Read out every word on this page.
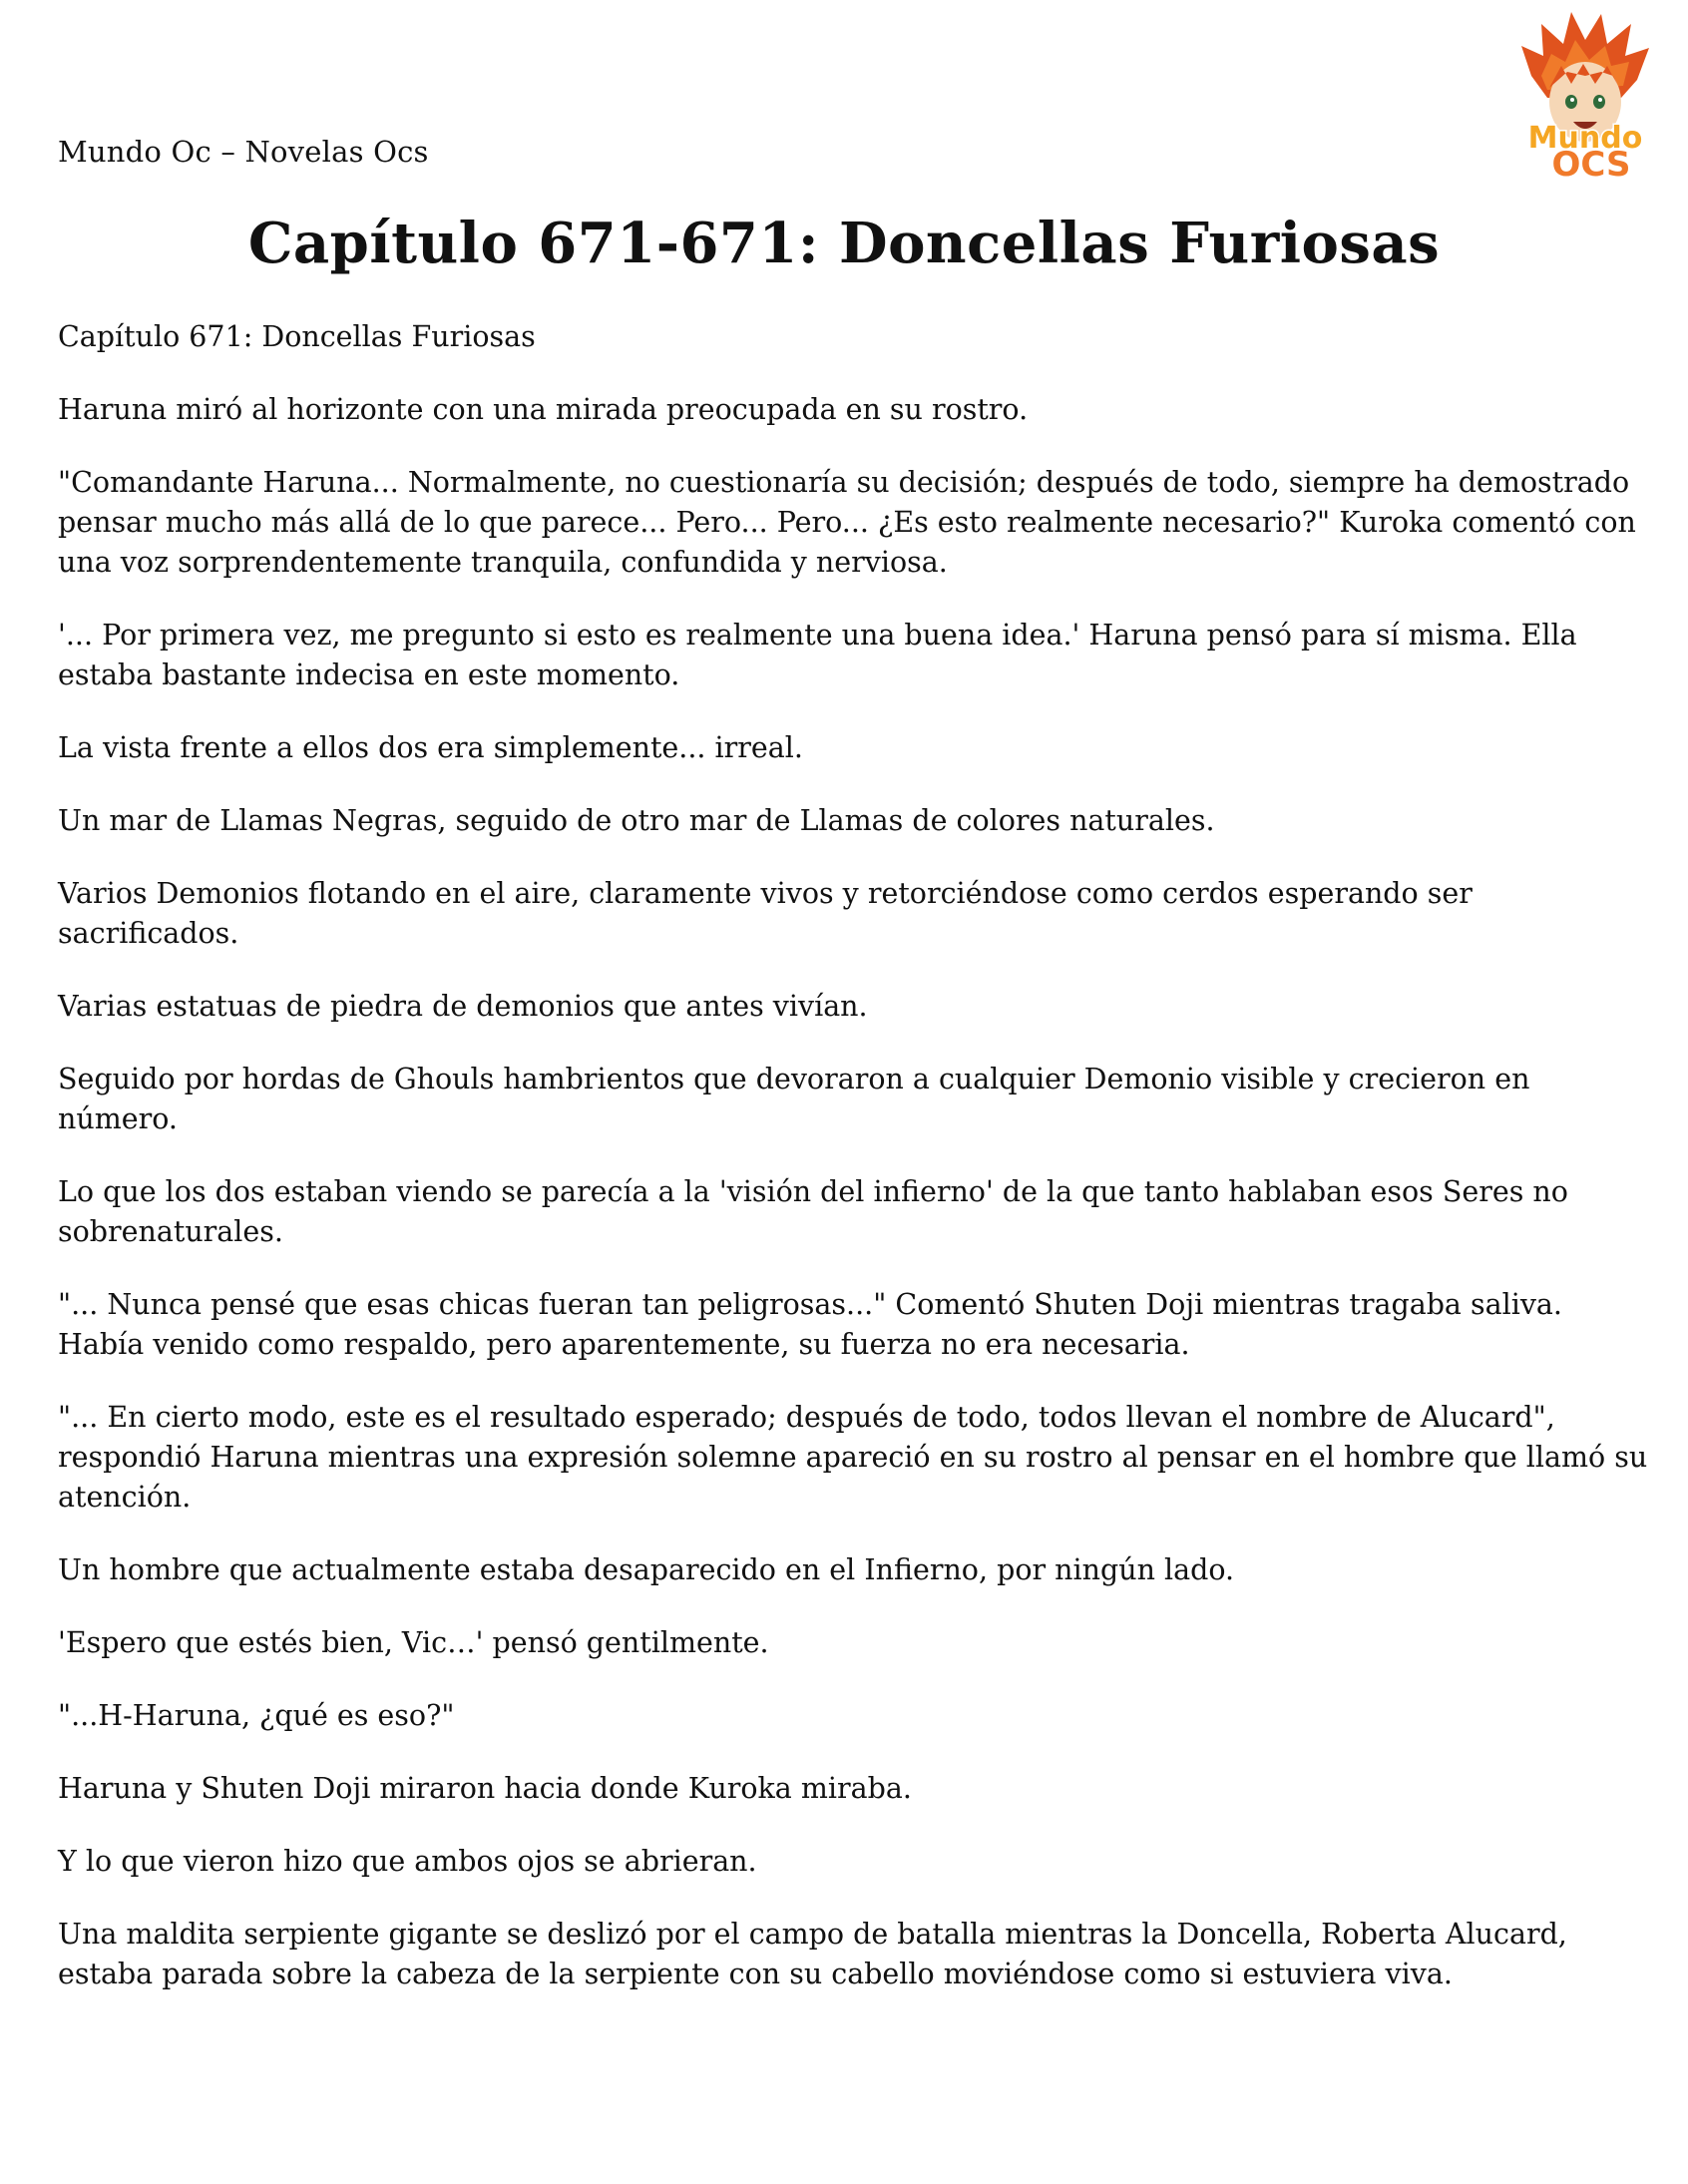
Mundo Oc – Novelas Ocs	Mundo
OCS
Capítulo 671-671: Doncellas Furiosas

Capítulo 671: Doncellas Furiosas

Haruna miró al horizonte con una mirada preocupada en su rostro.

"Comandante Haruna... Normalmente, no cuestionaría su decisión; después de todo, siempre ha demostrado pensar mucho más allá de lo que parece... Pero... Pero... ¿Es esto realmente necesario?" Kuroka comentó con una voz sorprendentemente tranquila, confundida y nerviosa.

'... Por primera vez, me pregunto si esto es realmente una buena idea.' Haruna pensó para sí misma. Ella estaba bastante indecisa en este momento.

La vista frente a ellos dos era simplemente... irreal.

Un mar de Llamas Negras, seguido de otro mar de Llamas de colores naturales.

Varios Demonios flotando en el aire, claramente vivos y retorciéndose como cerdos esperando ser sacrificados.

Varias estatuas de piedra de demonios que antes vivían.

Seguido por hordas de Ghouls hambrientos que devoraron a cualquier Demonio visible y crecieron en número.

Lo que los dos estaban viendo se parecía a la 'visión del infierno' de la que tanto hablaban esos Seres no sobrenaturales.

"... Nunca pensé que esas chicas fueran tan peligrosas..." Comentó Shuten Doji mientras tragaba saliva. Había venido como respaldo, pero aparentemente, su fuerza no era necesaria.

"... En cierto modo, este es el resultado esperado; después de todo, todos llevan el nombre de Alucard", respondió Haruna mientras una expresión solemne apareció en su rostro al pensar en el hombre que llamó su atención.

Un hombre que actualmente estaba desaparecido en el Infierno, por ningún lado.

'Espero que estés bien, Vic…' pensó gentilmente.

"...H-Haruna, ¿qué es eso?"

Haruna y Shuten Doji miraron hacia donde Kuroka miraba.

Y lo que vieron hizo que ambos ojos se abrieran.

Una maldita serpiente gigante se deslizó por el campo de batalla mientras la Doncella, Roberta Alucard, estaba parada sobre la cabeza de la serpiente con su cabello moviéndose como si estuviera viva.
